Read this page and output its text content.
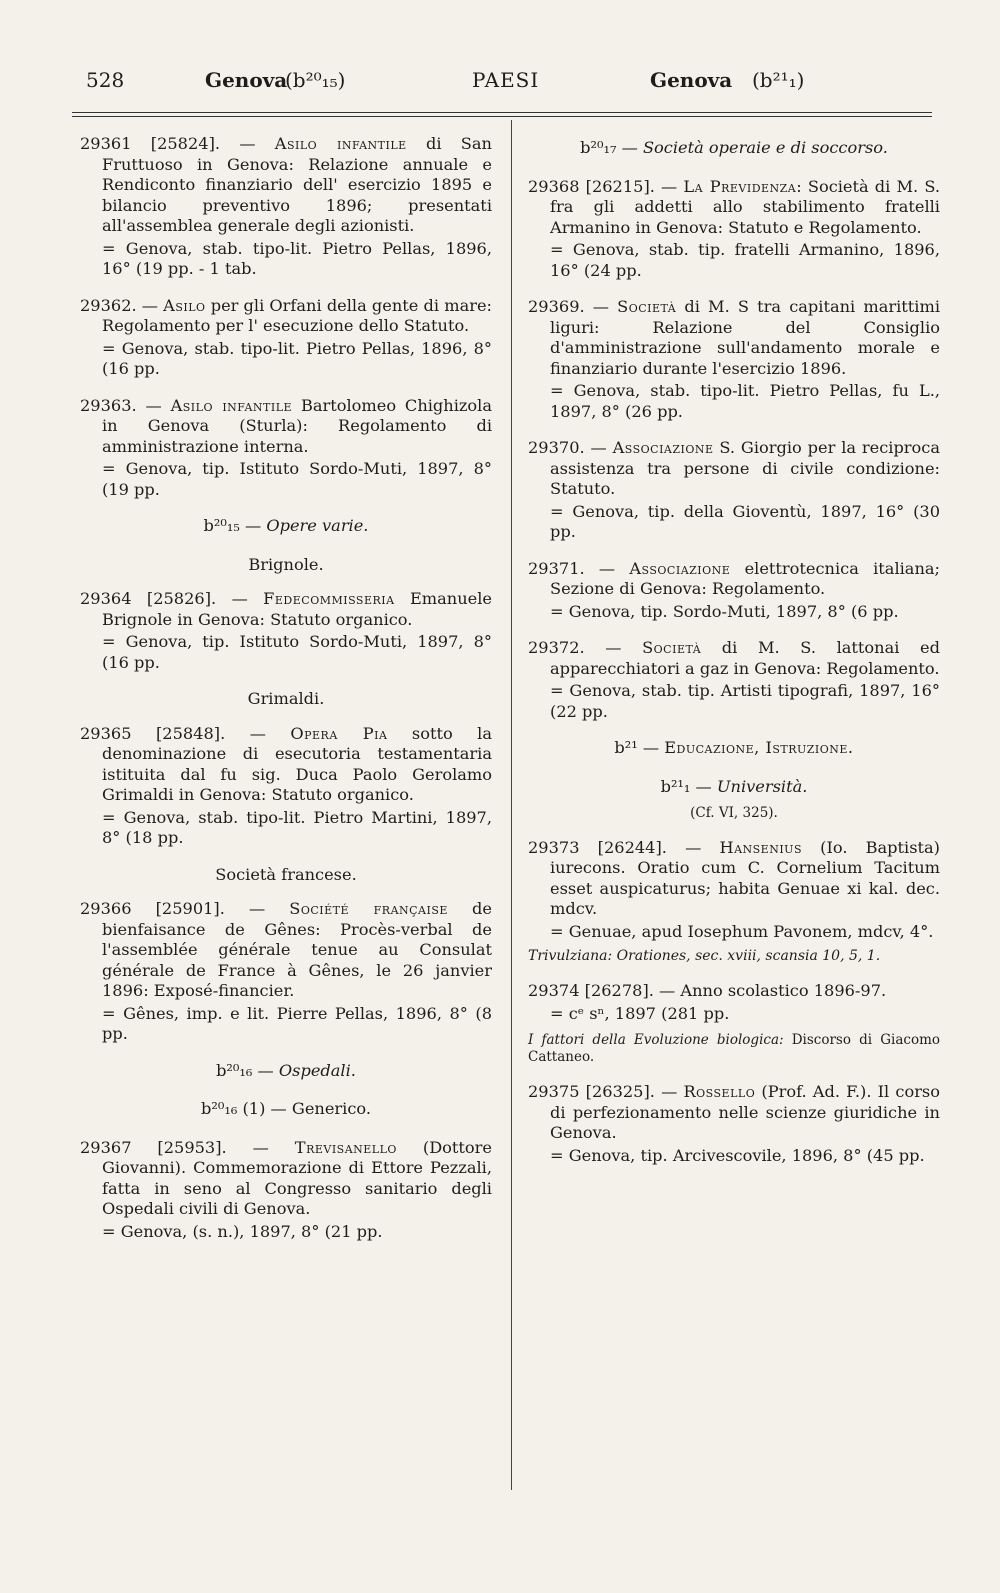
528	Genova
(b²⁰₁₅)	PAESI	Genova (b²¹₁)

29361 [25824]. — Asilo infantile di San Fruttuoso in Genova: Relazione annuale e Rendiconto finanziario dell' esercizio 1895 e bilancio preventivo 1896; presentati all'assemblea generale degli azionisti.

= Genova, stab. tipo-lit. Pietro Pellas, 1896, 16° (19 pp. - 1 tab.

29362. — Asilo per gli Orfani della gente di mare: Regolamento per l' esecuzione dello Statuto.

= Genova, stab. tipo-lit. Pietro Pellas, 1896, 8° (16 pp.

29363. — Asilo infantile Bartolomeo Chighizola in Genova (Sturla): Regolamento di amministrazione interna.

= Genova, tip. Istituto Sordo-Muti, 1897, 8° (19 pp.

b²⁰₁₅ — Opere varie.
Brignole.

29364 [25826]. — Fedecommisseria Emanuele Brignole in Genova: Statuto organico.

= Genova, tip. Istituto Sordo-Muti, 1897, 8° (16 pp.

Grimaldi.

29365 [25848]. — Opera Pia sotto la denominazione di esecutoria testamentaria istituita dal fu sig. Duca Paolo Gerolamo Grimaldi in Genova: Statuto organico.

= Genova, stab. tipo-lit. Pietro Martini, 1897, 8° (18 pp.

Società francese.

29366 [25901]. — Société française de bienfaisance de Gênes: Procès-verbal de l'assemblée générale tenue au Consulat générale de France à Gênes, le 26 janvier 1896: Exposé-financier.

= Gênes, imp. e lit. Pierre Pellas, 1896, 8° (8 pp.

b²⁰₁₆ — Ospedali.
b²⁰₁₆ (1) — Generico.

29367 [25953]. — Trevisanello (Dottore Giovanni). Commemorazione di Ettore Pezzali, fatta in seno al Congresso sanitario degli Ospedali civili di Genova.

= Genova, (s. n.), 1897, 8° (21 pp.

b²⁰₁₇ — Società operaie e di soccorso.

29368 [26215]. — La Previdenza: Società di M. S. fra gli addetti allo stabilimento fratelli Armanino in Genova: Statuto e Regolamento.

= Genova, stab. tip. fratelli Armanino, 1896, 16° (24 pp.

29369. — Società di M. S tra capitani marittimi liguri: Relazione del Consiglio d'amministrazione sull'andamento morale e finanziario durante l'esercizio 1896.

= Genova, stab. tipo-lit. Pietro Pellas, fu L., 1897, 8° (26 pp.

29370. — Associazione S. Giorgio per la reciproca assistenza tra persone di civile condizione: Statuto.

= Genova, tip. della Gioventù, 1897, 16° (30 pp.

29371. — Associazione elettrotecnica italiana; Sezione di Genova: Regolamento.

= Genova, tip. Sordo-Muti, 1897, 8° (6 pp.

29372. — Società di M. S. lattonai ed apparecchiatori a gaz in Genova: Regolamento.

= Genova, stab. tip. Artisti tipografi, 1897, 16° (22 pp.

b²¹ — Educazione, Istruzione.
b²¹₁ — Università.
(Cf. VI, 325).

29373 [26244]. — Hansenius (Io. Baptista) iurecons. Oratio cum C. Cornelium Tacitum esset auspicaturus; habita Genuae xi kal. dec. mdcv.

= Genuae, apud Iosephum Pavonem, mdcv, 4°.

Trivulziana: Orationes, sec. xviii, scansia 10, 5, 1.

29374 [26278]. — Anno scolastico 1896-97.

= cᵉ sⁿ, 1897 (281 pp.

I fattori della Evoluzione biologica: Discorso di Giacomo Cattaneo.

29375 [26325]. — Rossello (Prof. Ad. F.). Il corso di perfezionamento nelle scienze giuridiche in Genova.

= Genova, tip. Arcivescovile, 1896, 8° (45 pp.
